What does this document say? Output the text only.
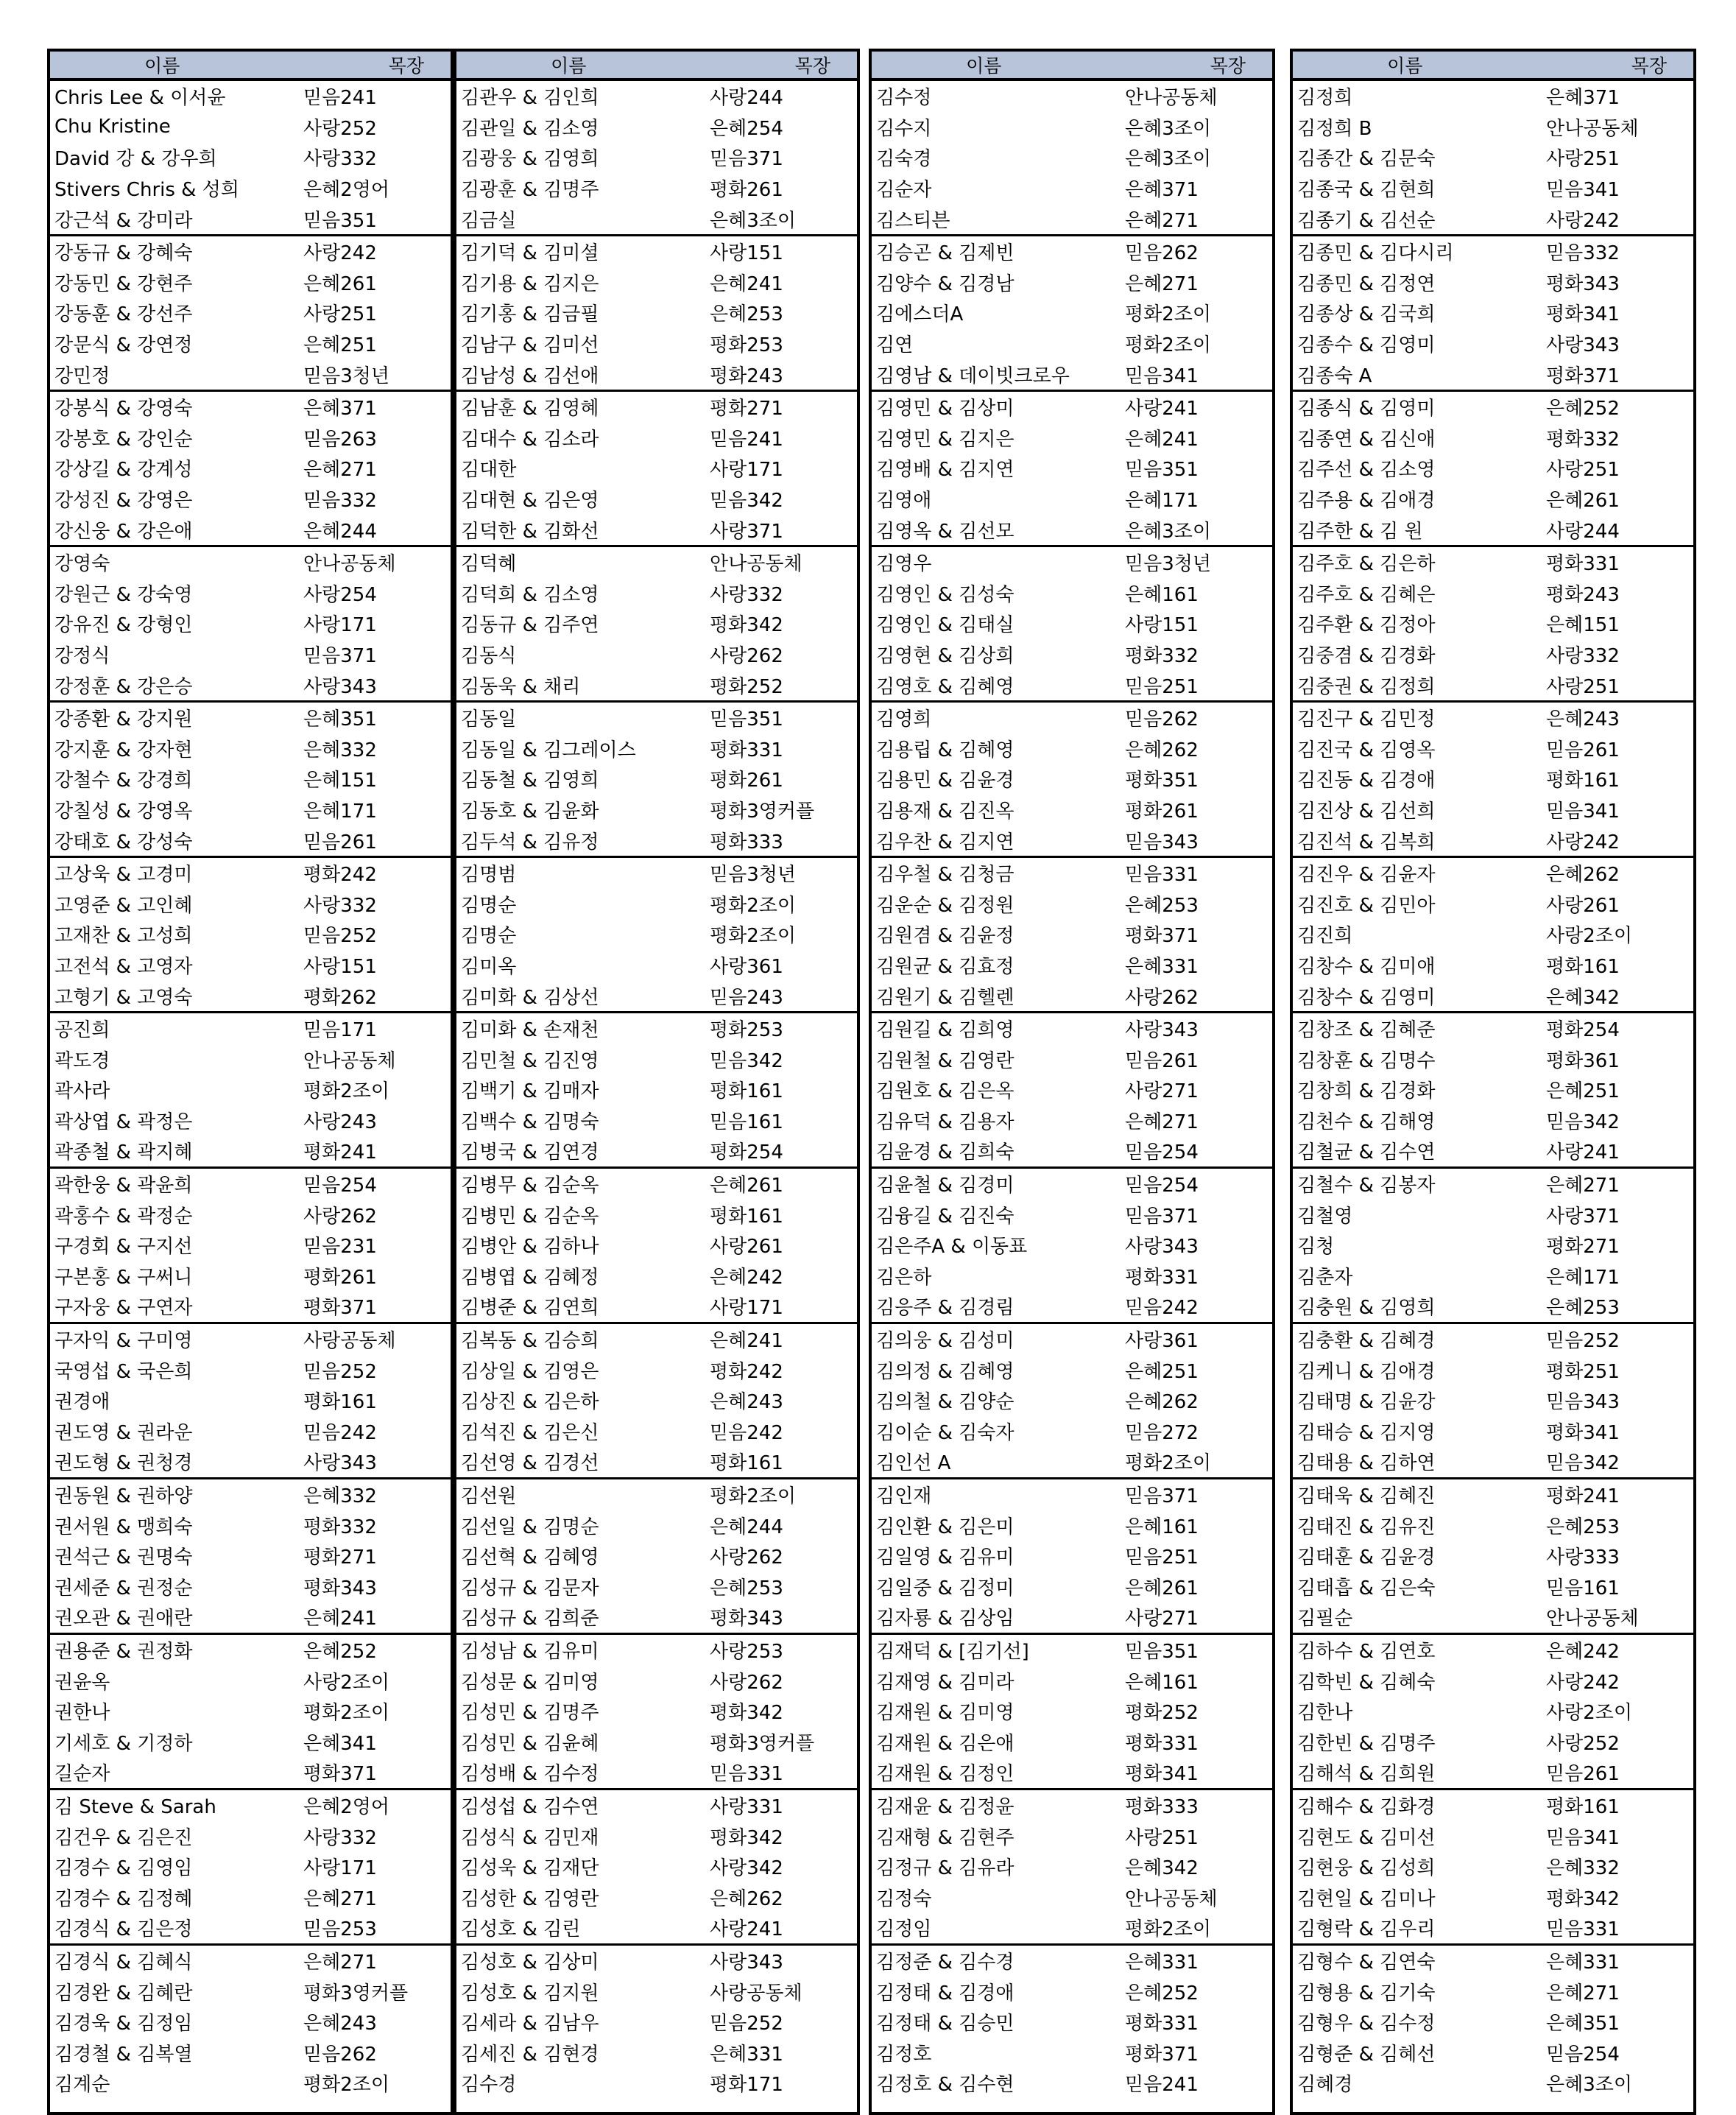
이름	목장
Chris Lee & 이서윤	믿음241
Chu Kristine	사랑252
David 강 & 강우희	사랑332
Stivers Chris & 성희	은혜2영어
강근석 & 강미라	믿음351
강동규 & 강혜숙	사랑242
강동민 & 강현주	은혜261
강동훈 & 강선주	사랑251
강문식 & 강연정	은혜251
강민정	믿음3청년
강봉식 & 강영숙	은혜371
강봉호 & 강인순	믿음263
강상길 & 강계성	은혜271
강성진 & 강영은	믿음332
강신웅 & 강은애	은혜244
강영숙	안나공동체
강원근 & 강숙영	사랑254
강유진 & 강형인	사랑171
강정식	믿음371
강정훈 & 강은승	사랑343
강종환 & 강지원	은혜351
강지훈 & 강자현	은혜332
강철수 & 강경희	은혜151
강칠성 & 강영옥	은혜171
강태호 & 강성숙	믿음261
고상욱 & 고경미	평화242
고영준 & 고인혜	사랑332
고재찬 & 고성희	믿음252
고전석 & 고영자	사랑151
고형기 & 고영숙	평화262
공진희	믿음171
곽도경	안나공동체
곽사라	평화2조이
곽상엽 & 곽정은	사랑243
곽종철 & 곽지혜	평화241
곽한웅 & 곽윤희	믿음254
곽홍수 & 곽정순	사랑262
구경회 & 구지선	믿음231
구본홍 & 구써니	평화261
구자웅 & 구연자	평화371
구자익 & 구미영	사랑공동체
국영섭 & 국은희	믿음252
권경애	평화161
권도영 & 권라운	믿음242
권도형 & 권청경	사랑343
권동원 & 권하양	은혜332
권서원 & 맹희숙	평화332
권석근 & 권명숙	평화271
권세준 & 권정순	평화343
권오관 & 권애란	은혜241
권용준 & 권정화	은혜252
권윤옥	사랑2조이
권한나	평화2조이
기세호 & 기정하	은혜341
길순자	평화371
김 Steve & Sarah	은혜2영어
김건우 & 김은진	사랑332
김경수 & 김영임	사랑171
김경수 & 김정혜	은혜271
김경식 & 김은정	믿음253
김경식 & 김혜식	은혜271
김경완 & 김혜란	평화3영커플
김경욱 & 김정임	은혜243
김경철 & 김복열	믿음262
김계순	평화2조이
이름	목장
김관우 & 김인희	사랑244
김관일 & 김소영	은혜254
김광웅 & 김영희	믿음371
김광훈 & 김명주	평화261
김금실	은혜3조이
김기덕 & 김미셜	사랑151
김기용 & 김지은	은혜241
김기홍 & 김금필	은혜253
김남구 & 김미선	평화253
김남성 & 김선애	평화243
김남훈 & 김영혜	평화271
김대수 & 김소라	믿음241
김대한	사랑171
김대현 & 김은영	믿음342
김덕한 & 김화선	사랑371
김덕혜	안나공동체
김덕희 & 김소영	사랑332
김동규 & 김주연	평화342
김동식	사랑262
김동욱 & 채리	평화252
김동일	믿음351
김동일 & 김그레이스	평화331
김동철 & 김영희	평화261
김동호 & 김윤화	평화3영커플
김두석 & 김유정	평화333
김명범	믿음3청년
김명순	평화2조이
김명순	평화2조이
김미옥	사랑361
김미화 & 김상선	믿음243
김미화 & 손재천	평화253
김민철 & 김진영	믿음342
김백기 & 김매자	평화161
김백수 & 김명숙	믿음161
김병국 & 김연경	평화254
김병무 & 김순옥	은혜261
김병민 & 김순옥	평화161
김병안 & 김하나	사랑261
김병엽 & 김혜정	은혜242
김병준 & 김연희	사랑171
김복동 & 김승희	은혜241
김상일 & 김영은	평화242
김상진 & 김은하	은혜243
김석진 & 김은신	믿음242
김선영 & 김경선	평화161
김선원	평화2조이
김선일 & 김명순	은혜244
김선혁 & 김혜영	사랑262
김성규 & 김문자	은혜253
김성규 & 김희준	평화343
김성남 & 김유미	사랑253
김성문 & 김미영	사랑262
김성민 & 김명주	평화342
김성민 & 김윤혜	평화3영커플
김성배 & 김수정	믿음331
김성섭 & 김수연	사랑331
김성식 & 김민재	평화342
김성욱 & 김재단	사랑342
김성한 & 김영란	은혜262
김성호 & 김린	사랑241
김성호 & 김상미	사랑343
김성호 & 김지원	사랑공동체
김세라 & 김남우	믿음252
김세진 & 김현경	은혜331
김수경	평화171
이름	목장
김수정	안나공동체
김수지	은혜3조이
김숙경	은혜3조이
김순자	은혜371
김스티븐	은혜271
김승곤 & 김제빈	믿음262
김양수 & 김경남	은혜271
김에스더A	평화2조이
김연	평화2조이
김영남 & 데이빗크로우	믿음341
김영민 & 김상미	사랑241
김영민 & 김지은	은혜241
김영배 & 김지연	믿음351
김영애	은혜171
김영옥 & 김선모	은혜3조이
김영우	믿음3청년
김영인 & 김성숙	은혜161
김영인 & 김태실	사랑151
김영현 & 김상희	평화332
김영호 & 김혜영	믿음251
김영희	믿음262
김용립 & 김혜영	은혜262
김용민 & 김윤경	평화351
김용재 & 김진옥	평화261
김우찬 & 김지연	믿음343
김우철 & 김청금	믿음331
김운순 & 김정원	은혜253
김원겸 & 김윤정	평화371
김원균 & 김효정	은혜331
김원기 & 김헬렌	사랑262
김원길 & 김희영	사랑343
김원철 & 김영란	믿음261
김원호 & 김은옥	사랑271
김유덕 & 김용자	은혜271
김윤경 & 김희숙	믿음254
김윤철 & 김경미	믿음254
김융길 & 김진숙	믿음371
김은주A & 이동표	사랑343
김은하	평화331
김응주 & 김경림	믿음242
김의웅 & 김성미	사랑361
김의정 & 김혜영	은혜251
김의철 & 김양순	은혜262
김이순 & 김숙자	믿음272
김인선 A	평화2조이
김인재	믿음371
김인환 & 김은미	은혜161
김일영 & 김유미	믿음251
김일중 & 김정미	은혜261
김자룡 & 김상임	사랑271
김재덕 & [김기선]	믿음351
김재영 & 김미라	은혜161
김재원 & 김미영	평화252
김재원 & 김은애	평화331
김재원 & 김정인	평화341
김재윤 & 김정윤	평화333
김재형 & 김현주	사랑251
김정규 & 김유라	은혜342
김정숙	안나공동체
김정임	평화2조이
김정준 & 김수경	은혜331
김정태 & 김경애	은혜252
김정태 & 김승민	평화331
김정호	평화371
김정호 & 김수현	믿음241
이름	목장
김정희	은혜371
김정희 B	안나공동체
김종간 & 김문숙	사랑251
김종국 & 김현희	믿음341
김종기 & 김선순	사랑242
김종민 & 김다시리	믿음332
김종민 & 김정연	평화343
김종상 & 김국희	평화341
김종수 & 김영미	사랑343
김종숙 A	평화371
김종식 & 김영미	은혜252
김종연 & 김신애	평화332
김주선 & 김소영	사랑251
김주용 & 김애경	은혜261
김주한 & 김 원	사랑244
김주호 & 김은하	평화331
김주호 & 김혜은	평화243
김주환 & 김정아	은혜151
김중겸 & 김경화	사랑332
김중권 & 김정희	사랑251
김진구 & 김민정	은혜243
김진국 & 김영옥	믿음261
김진동 & 김경애	평화161
김진상 & 김선희	믿음341
김진석 & 김복희	사랑242
김진우 & 김윤자	은혜262
김진호 & 김민아	사랑261
김진희	사랑2조이
김창수 & 김미애	평화161
김창수 & 김영미	은혜342
김창조 & 김혜준	평화254
김창훈 & 김명수	평화361
김창희 & 김경화	은혜251
김천수 & 김해영	믿음342
김철균 & 김수연	사랑241
김철수 & 김봉자	은혜271
김철영	사랑371
김청	평화271
김춘자	은혜171
김충원 & 김영희	은혜253
김충환 & 김혜경	믿음252
김케니 & 김애경	평화251
김태명 & 김윤강	믿음343
김태승 & 김지영	평화341
김태용 & 김하연	믿음342
김태욱 & 김혜진	평화241
김태진 & 김유진	은혜253
김태훈 & 김윤경	사랑333
김태흡 & 김은숙	믿음161
김필순	안나공동체
김하수 & 김연호	은혜242
김학빈 & 김혜숙	사랑242
김한나	사랑2조이
김한빈 & 김명주	사랑252
김해석 & 김희원	믿음261
김해수 & 김화경	평화161
김현도 & 김미선	믿음341
김현웅 & 김성희	은혜332
김현일 & 김미나	평화342
김형락 & 김우리	믿음331
김형수 & 김연숙	은혜331
김형용 & 김기숙	은혜271
김형우 & 김수정	은혜351
김형준 & 김혜선	믿음254
김혜경	은혜3조이
